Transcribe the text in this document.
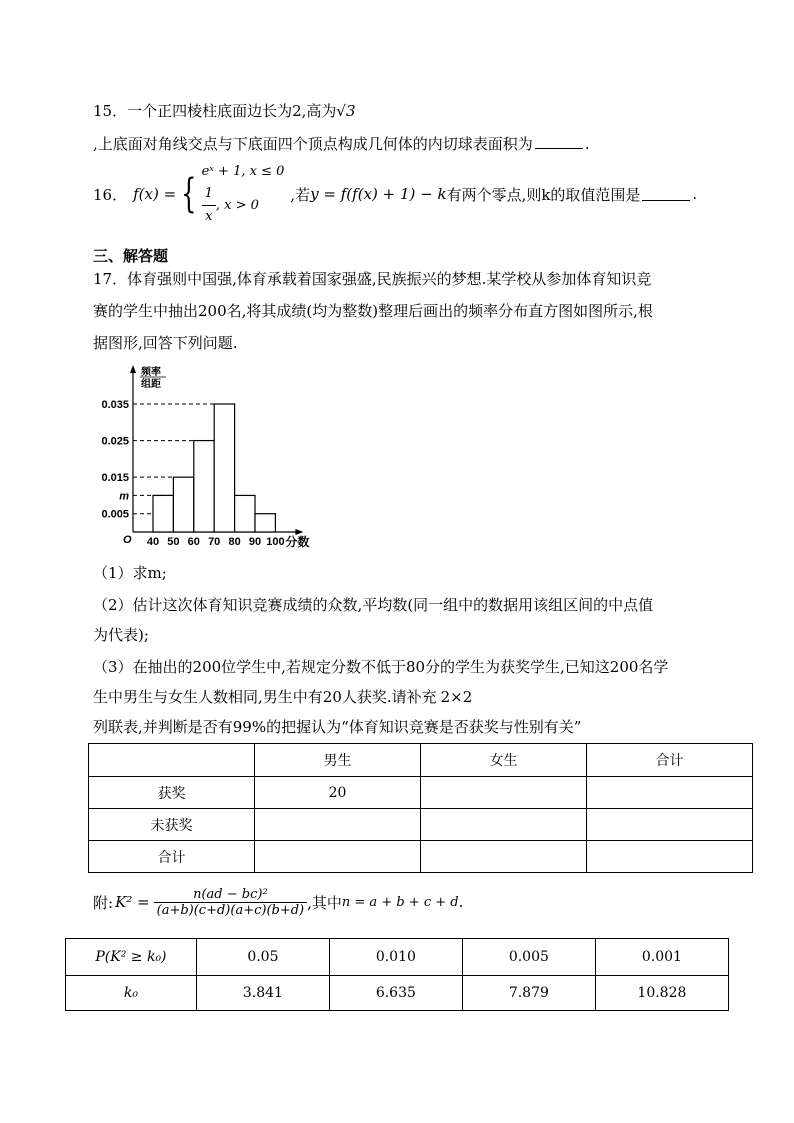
15．一个正四棱柱底面边长为2,高为√3
,上底面对角线交点与下底面四个顶点构成几何体的内切球表面积为	.
16． f(x) = { eˣ + 1, x ≤ 0
$\frac{1}{x}$ , x > 0
,若 y = f(f(x) + 1) − k 有两个零点,则k的取值范围是	.
三、解答题
17．体育强则中国强,体育承载着国家强盛,民族振兴的梦想.某学校从参加体育知识竞
赛的学生中抽出200名,将其成绩(均为整数)整理后画出的频率分布直方图如图所示,根
据图形,回答下列问题.
频率
组距
0.035
0.025
0.015
m
0.005
40 50 60 70 80 90 100
O	分数
（1）求m;
（2）估计这次体育知识竞赛成绩的众数,平均数(同一组中的数据用该组区间的中点值
为代表);
（3）在抽出的200位学生中,若规定分数不低于80分的学生为获奖学生,已知这200名学
生中男生与女生人数相同,男生中有20人获奖.请补充 2×2
列联表,并判断是否有99%的把握认为“体育知识竞赛是否获奖与性别有关”
	男生	女生	合计
获奖	20		
未获奖			
合计			
附: $K^2 = \frac{\text{n(ad − bc)²}}{(a+b)(c+d)(a+c)(b+d)}$ ,其中 n = a + b + c + d .
P(K² ≥ k₀)	0.05	0.010	0.005	0.001
k₀	3.841	6.635	7.879	10.828
